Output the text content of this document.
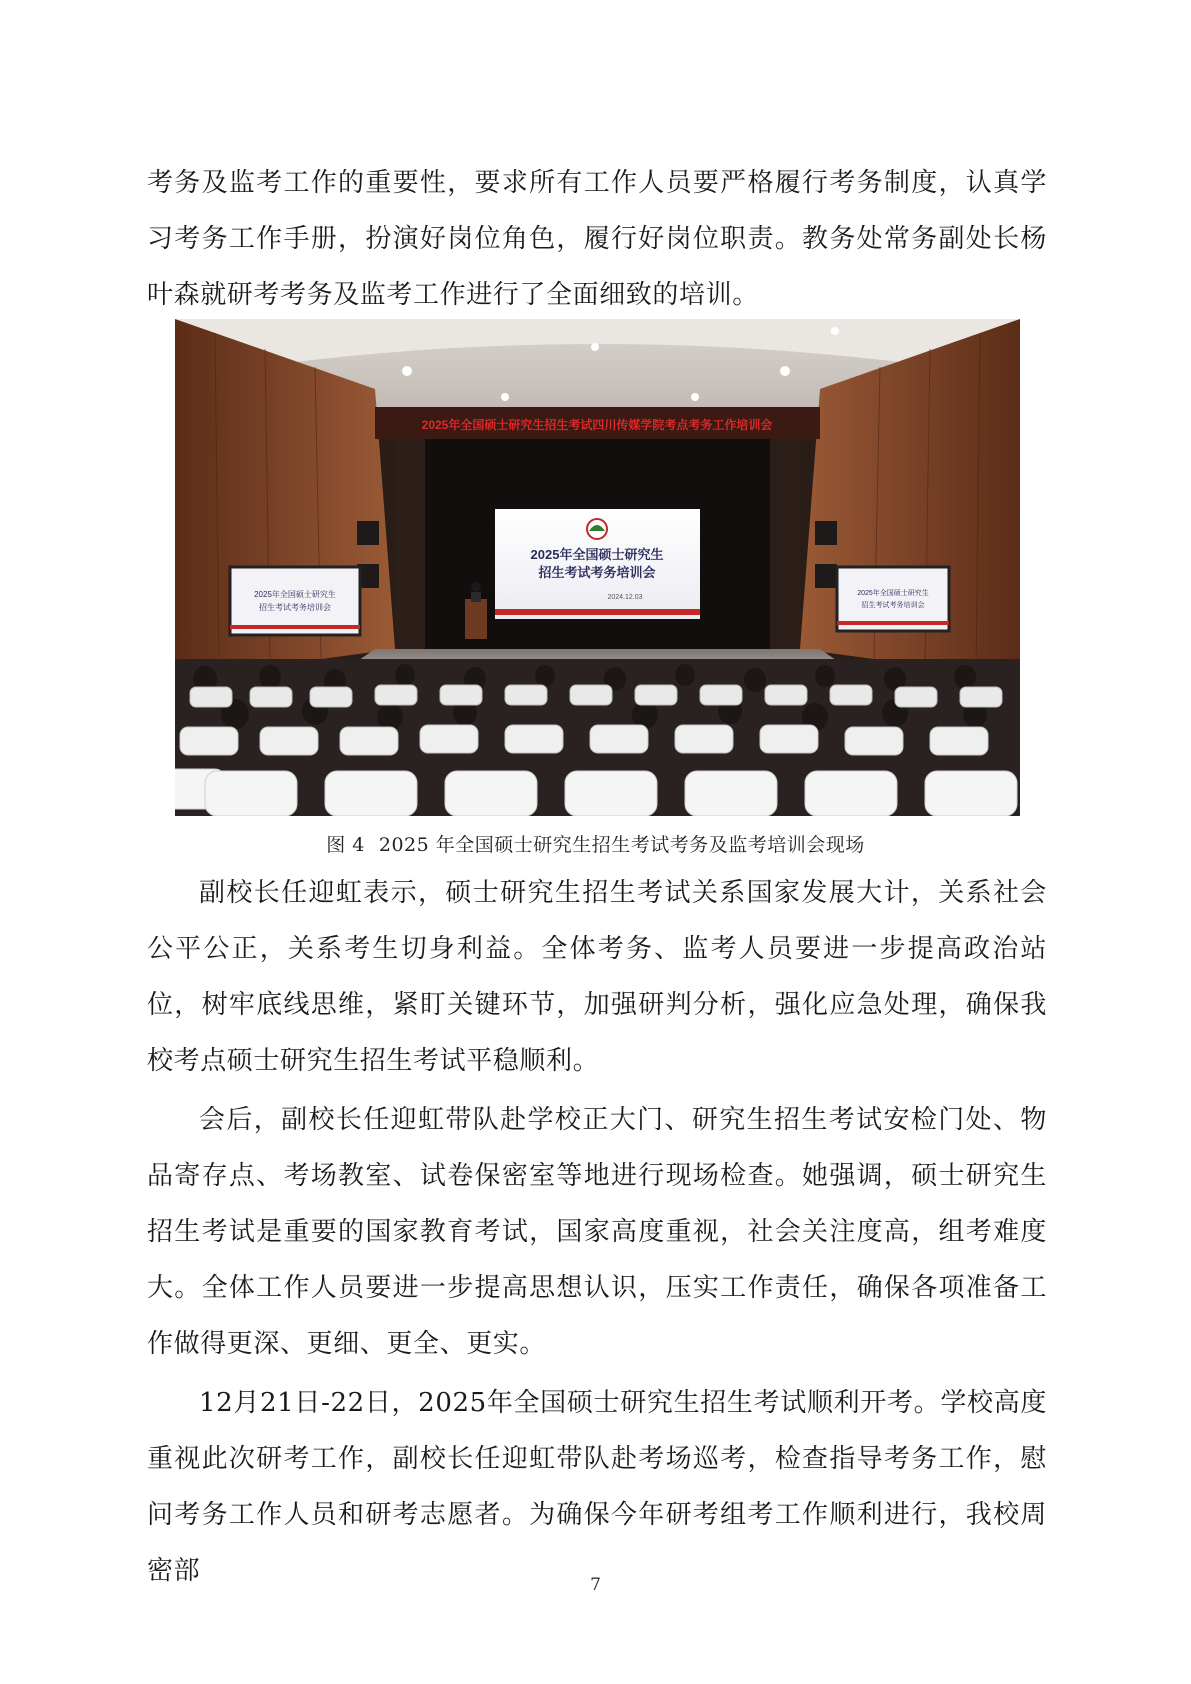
考务及监考工作的重要性，要求所有工作人员要严格履行考务制度，认真学习考务工作手册，扮演好岗位角色，履行好岗位职责。教务处常务副处长杨叶森就研考考务及监考工作进行了全面细致的培训。

2025年全国硕士研究生招生考试四川传媒学院考点考务工作培训会
2025年全国硕士研究生
招生考试考务培训会
2024.12.03
2025年全国硕士研究生
招生考试考务培训会
2025年全国硕士研究生
招生考试考务培训会
图 4 2025 年全国硕士研究生招生考试考务及监考培训会现场

副校长任迎虹表示，硕士研究生招生考试关系国家发展大计，关系社会公平公正，关系考生切身利益。全体考务、监考人员要进一步提高政治站位，树牢底线思维，紧盯关键环节，加强研判分析，强化应急处理，确保我校考点硕士研究生招生考试平稳顺利。

会后，副校长任迎虹带队赴学校正大门、研究生招生考试安检门处、物品寄存点、考场教室、试卷保密室等地进行现场检查。她强调，硕士研究生招生考试是重要的国家教育考试，国家高度重视，社会关注度高，组考难度大。全体工作人员要进一步提高思想认识，压实工作责任，确保各项准备工作做得更深、更细、更全、更实。

12月21日-22日，2025年全国硕士研究生招生考试顺利开考。学校高度重视此次研考工作，副校长任迎虹带队赴考场巡考，检查指导考务工作，慰问考务工作人员和研考志愿者。为确保今年研考组考工作顺利进行，我校周密部	7
